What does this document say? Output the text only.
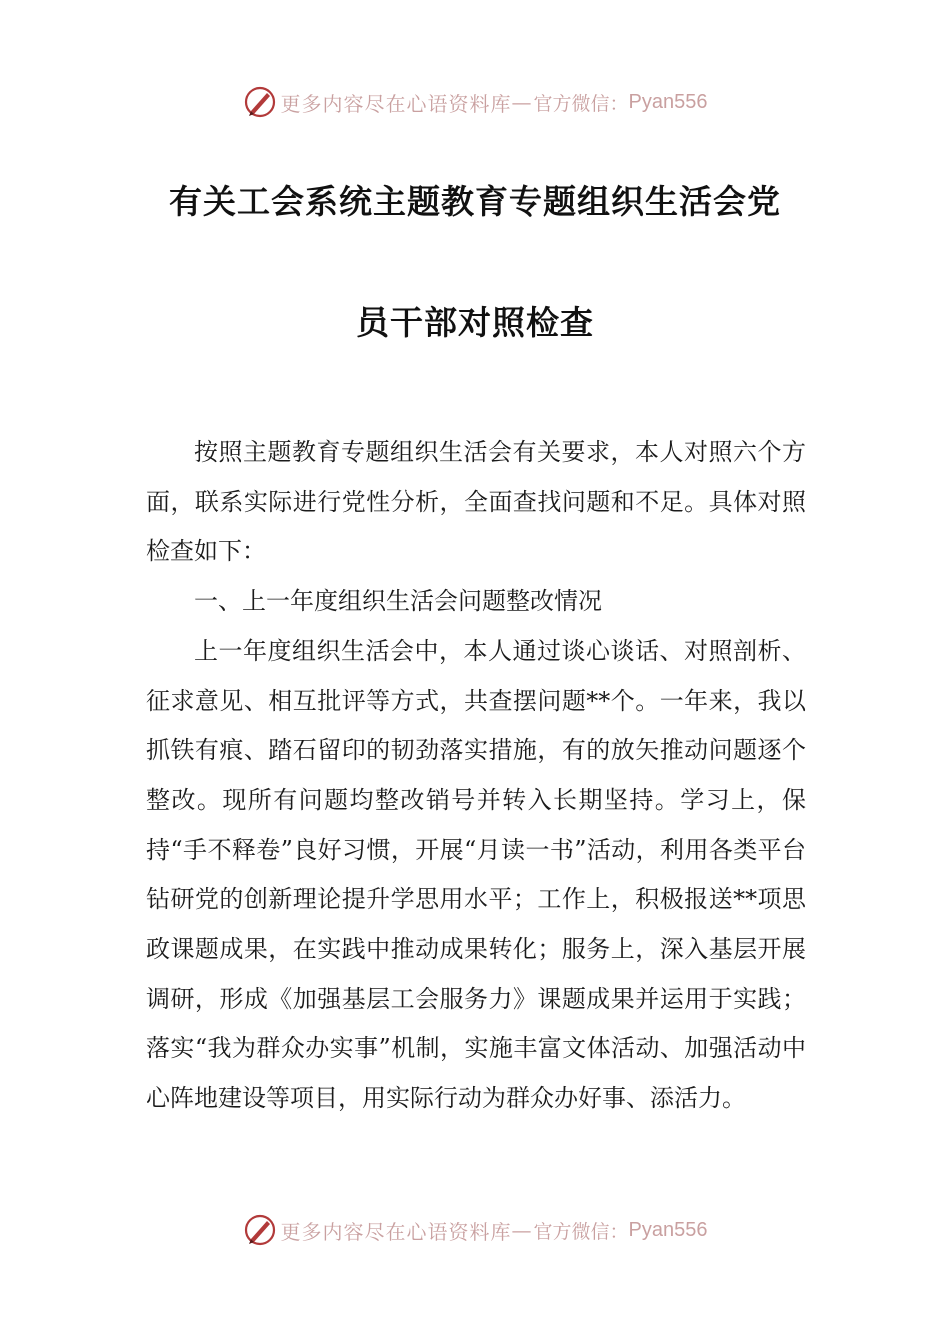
更多内容尽在心语资料库 — 官方微信： Pyan556
有关工会系统主题教育专题组织生活会党
员干部对照检查

按照主题教育专题组织生活会有关要求，本人对照六个方面，联系实际进行党性分析，全面查找问题和不足。具体对照检查如下：

一、上一年度组织生活会问题整改情况

上一年度组织生活会中，本人通过谈心谈话、对照剖析、征求意见、相互批评等方式，共查摆问题**个。一年来，我以抓铁有痕、踏石留印的韧劲落实措施，有的放矢推动问题逐个整改。现所有问题均整改销号并转入长期坚持。学习上，保持“手不释卷”良好习惯，开展“月读一书”活动，利用各类平台钻研党的创新理论提升学思用水平；工作上，积极报送**项思政课题成果，在实践中推动成果转化；服务上，深入基层开展调研，形成《加强基层工会服务力》课题成果并运用于实践；落实“我为群众办实事”机制，实施丰富文体活动、加强活动中心阵地建设等项目，用实际行动为群众办好事、添活力。

更多内容尽在心语资料库 — 官方微信： Pyan556
